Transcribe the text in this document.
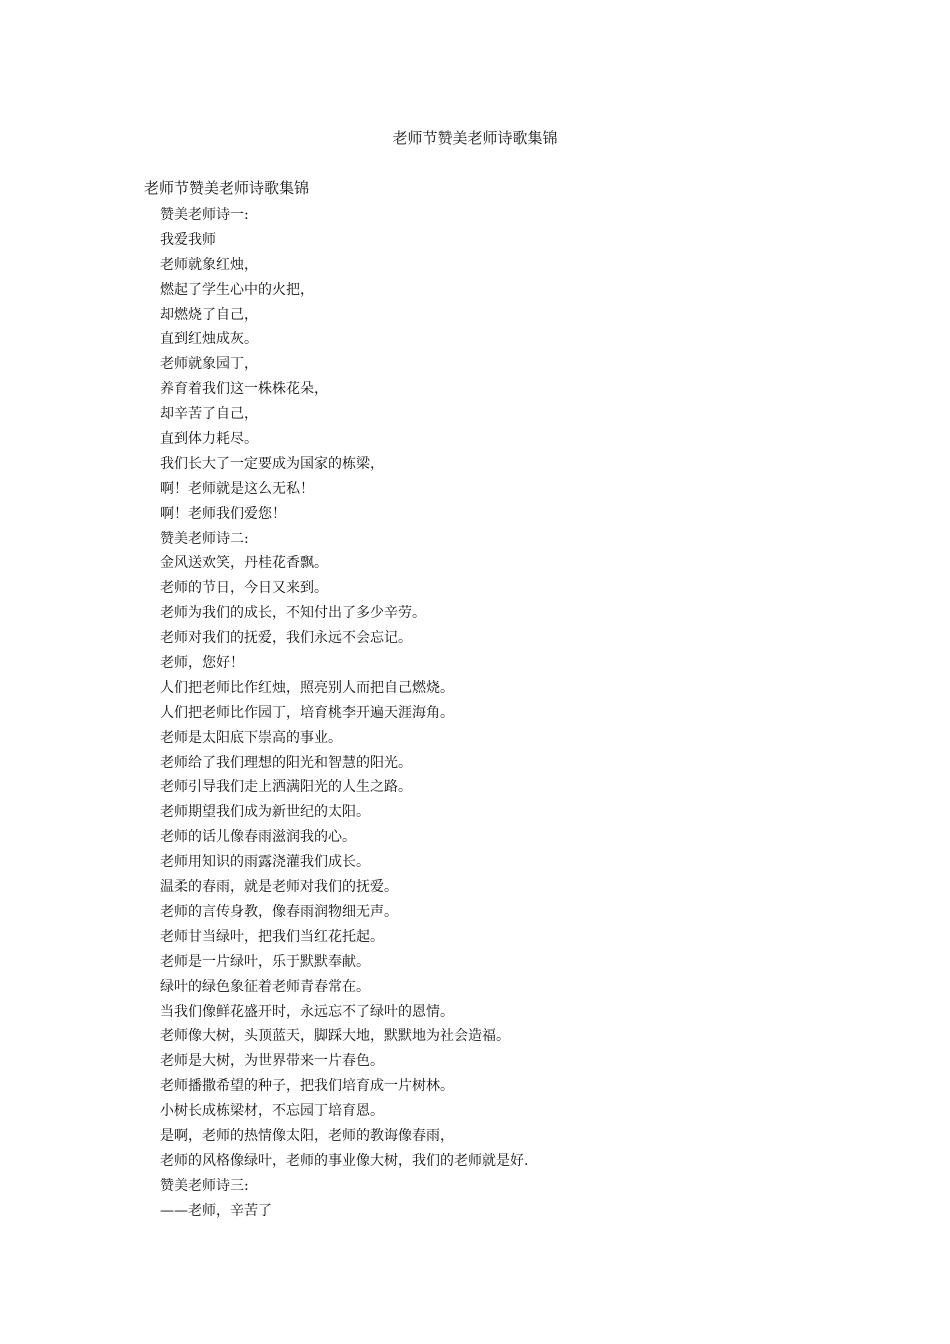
老师节赞美老师诗歌集锦
老师节赞美老师诗歌集锦
赞美老师诗一:
我爱我师
老师就象红烛，
燃起了学生心中的火把，
却燃烧了自己，
直到红烛成灰。
老师就象园丁，
养育着我们这一株株花朵，
却辛苦了自己，
直到体力耗尽。
我们长大了一定要成为国家的栋梁，
啊！老师就是这么无私！
啊！老师我们爱您！
赞美老师诗二:
金风送欢笑，丹桂花香飘。
老师的节日，今日又来到。
老师为我们的成长，不知付出了多少辛劳。
老师对我们的抚爱，我们永远不会忘记。
老师，您好！
人们把老师比作红烛，照亮别人而把自己燃烧。
人们把老师比作园丁，培育桃李开遍天涯海角。
老师是太阳底下崇高的事业。
老师给了我们理想的阳光和智慧的阳光。
老师引导我们走上洒满阳光的人生之路。
老师期望我们成为新世纪的太阳。
老师的话儿像春雨滋润我的心。
老师用知识的雨露浇灌我们成长。
温柔的春雨，就是老师对我们的抚爱。
老师的言传身教，像春雨润物细无声。
老师甘当绿叶，把我们当红花托起。
老师是一片绿叶，乐于默默奉献。
绿叶的绿色象征着老师青春常在。
当我们像鲜花盛开时，永远忘不了绿叶的恩情。
老师像大树，头顶蓝天，脚踩大地，默默地为社会造福。
老师是大树，为世界带来一片春色。
老师播撒希望的种子，把我们培育成一片树林。
小树长成栋梁材，不忘园丁培育恩。
是啊，老师的热情像太阳，老师的教诲像春雨，
老师的风格像绿叶，老师的事业像大树，我们的老师就是好.
赞美老师诗三:
——老师，辛苦了
